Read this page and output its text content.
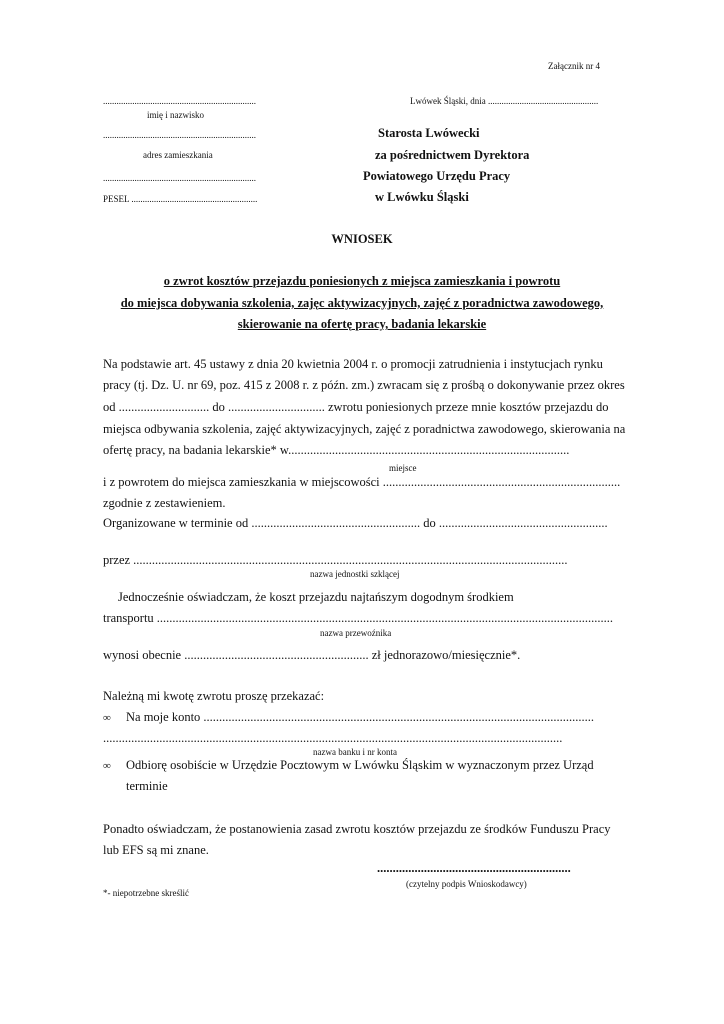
Załącznik nr 4
....................................................................
imię i nazwisko
....................................................................
adres zamieszkania
....................................................................
PESEL ........................................................
Lwówek Śląski, dnia .................................................
Starosta Lwówecki
za pośrednictwem Dyrektora
Powiatowego Urzędu Pracy
w Lwówku Śląski
WNIOSEK
o zwrot kosztów przejazdu poniesionych z miejsca zamieszkania i powrotu
do miejsca dobywania szkolenia, zajęc aktywizacyjnych, zajęć z poradnictwa zawodowego,
skierowanie na ofertę pracy, badania lekarskie
Na podstawie art. 45 ustawy z dnia 20 kwietnia 2004 r. o promocji zatrudnienia i instytucjach rynku
pracy (tj. Dz. U. nr 69, poz. 415 z 2008 r. z późn. zm.) zwracam się z prośbą o dokonywanie przez okres
od ............................. do ............................... zwrotu poniesionych przeze mnie kosztów przejazdu do
miejsca odbywania szkolenia, zajęć aktywizacyjnych, zajęć z poradnictwa zawodowego, skierowania na
ofertę pracy, na badania lekarskie* w..........................................................................................
miejsce
i z powrotem do miejsca zamieszkania w miejscowości ............................................................................
zgodnie z zestawieniem.
Organizowane w terminie od ...................................................... do ......................................................
przez ...........................................................................................................................................
nazwa jednostki szklącej
Jednocześnie oświadczam, że koszt przejazdu najtańszym dogodnym środkiem
transportu ..................................................................................................................................................
nazwa przewoźnika
wynosi obecnie ........................................................... zł jednorazowo/miesięcznie*.
Należną mi kwotę zwrotu proszę przekazać:
∞ Na moje konto .............................................................................................................................
...................................................................................................................................................
nazwa banku i nr konta
∞ Odbiorę osobiście w Urzędzie Pocztowym w Lwówku Śląskim w wyznaczonym przez Urząd
terminie
Ponadto oświadczam, że postanowienia zasad zwrotu kosztów przejazdu ze środków Funduszu Pracy
lub EFS są mi znane.
..............................................................
(czytelny podpis Wnioskodawcy)
*- niepotrzebne skreślić
